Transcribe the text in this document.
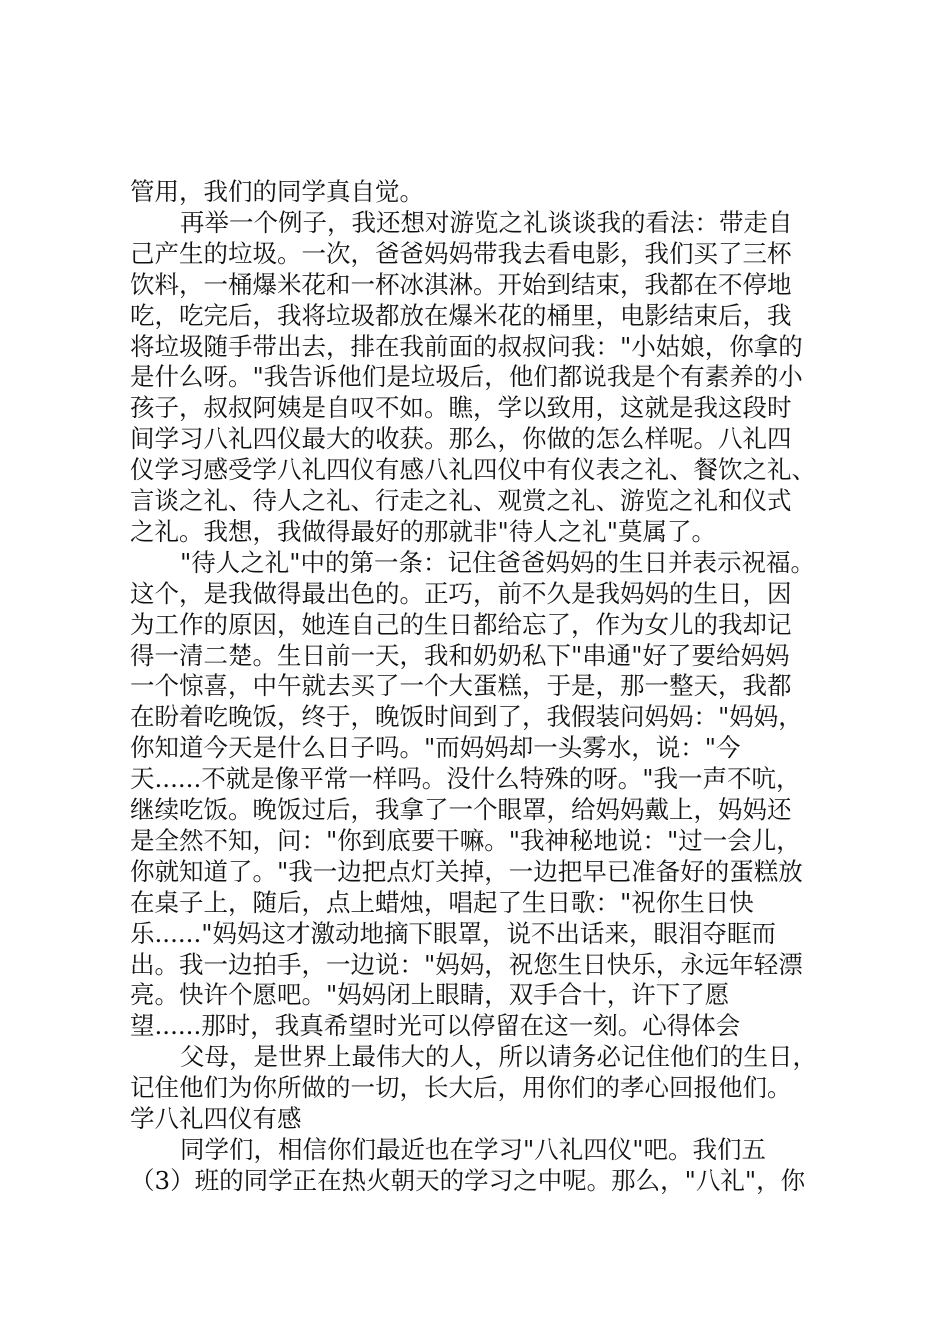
管用，我们的同学真自觉。
再举一个例子，我还想对游览之礼谈谈我的看法：带走自
己产生的垃圾。一次，爸爸妈妈带我去看电影，我们买了三杯
饮料，一桶爆米花和一杯冰淇淋。开始到结束，我都在不停地
吃，吃完后，我将垃圾都放在爆米花的桶里，电影结束后，我
将垃圾随手带出去，排在我前面的叔叔问我："小姑娘，你拿的
是什么呀。"我告诉他们是垃圾后，他们都说我是个有素养的小
孩子，叔叔阿姨是自叹不如。瞧，学以致用，这就是我这段时
间学习八礼四仪最大的收获。那么，你做的怎么样呢。八礼四
仪学习感受学八礼四仪有感八礼四仪中有仪表之礼、餐饮之礼、
言谈之礼、待人之礼、行走之礼、观赏之礼、游览之礼和仪式
之礼。我想，我做得最好的那就非"待人之礼"莫属了。
"待人之礼"中的第一条：记住爸爸妈妈的生日并表示祝福。
这个，是我做得最出色的。正巧，前不久是我妈妈的生日，因
为工作的原因，她连自己的生日都给忘了，作为女儿的我却记
得一清二楚。生日前一天，我和奶奶私下"串通"好了要给妈妈
一个惊喜，中午就去买了一个大蛋糕，于是，那一整天，我都
在盼着吃晚饭，终于，晚饭时间到了，我假装问妈妈："妈妈，
你知道今天是什么日子吗。"而妈妈却一头雾水，说："今
天......不就是像平常一样吗。没什么特殊的呀。"我一声不吭，
继续吃饭。晚饭过后，我拿了一个眼罩，给妈妈戴上，妈妈还
是全然不知，问："你到底要干嘛。"我神秘地说："过一会儿，
你就知道了。"我一边把点灯关掉，一边把早已准备好的蛋糕放
在桌子上，随后，点上蜡烛，唱起了生日歌："祝你生日快
乐......"妈妈这才激动地摘下眼罩，说不出话来，眼泪夺眶而
出。我一边拍手，一边说："妈妈，祝您生日快乐，永远年轻漂
亮。快许个愿吧。"妈妈闭上眼睛，双手合十，许下了愿
望......那时，我真希望时光可以停留在这一刻。心得体会
父母，是世界上最伟大的人，所以请务必记住他们的生日，
记住他们为你所做的一切，长大后，用你们的孝心回报他们。
学八礼四仪有感
同学们，相信你们最近也在学习"八礼四仪"吧。我们五
（3）班的同学正在热火朝天的学习之中呢。那么，"八礼"，你
